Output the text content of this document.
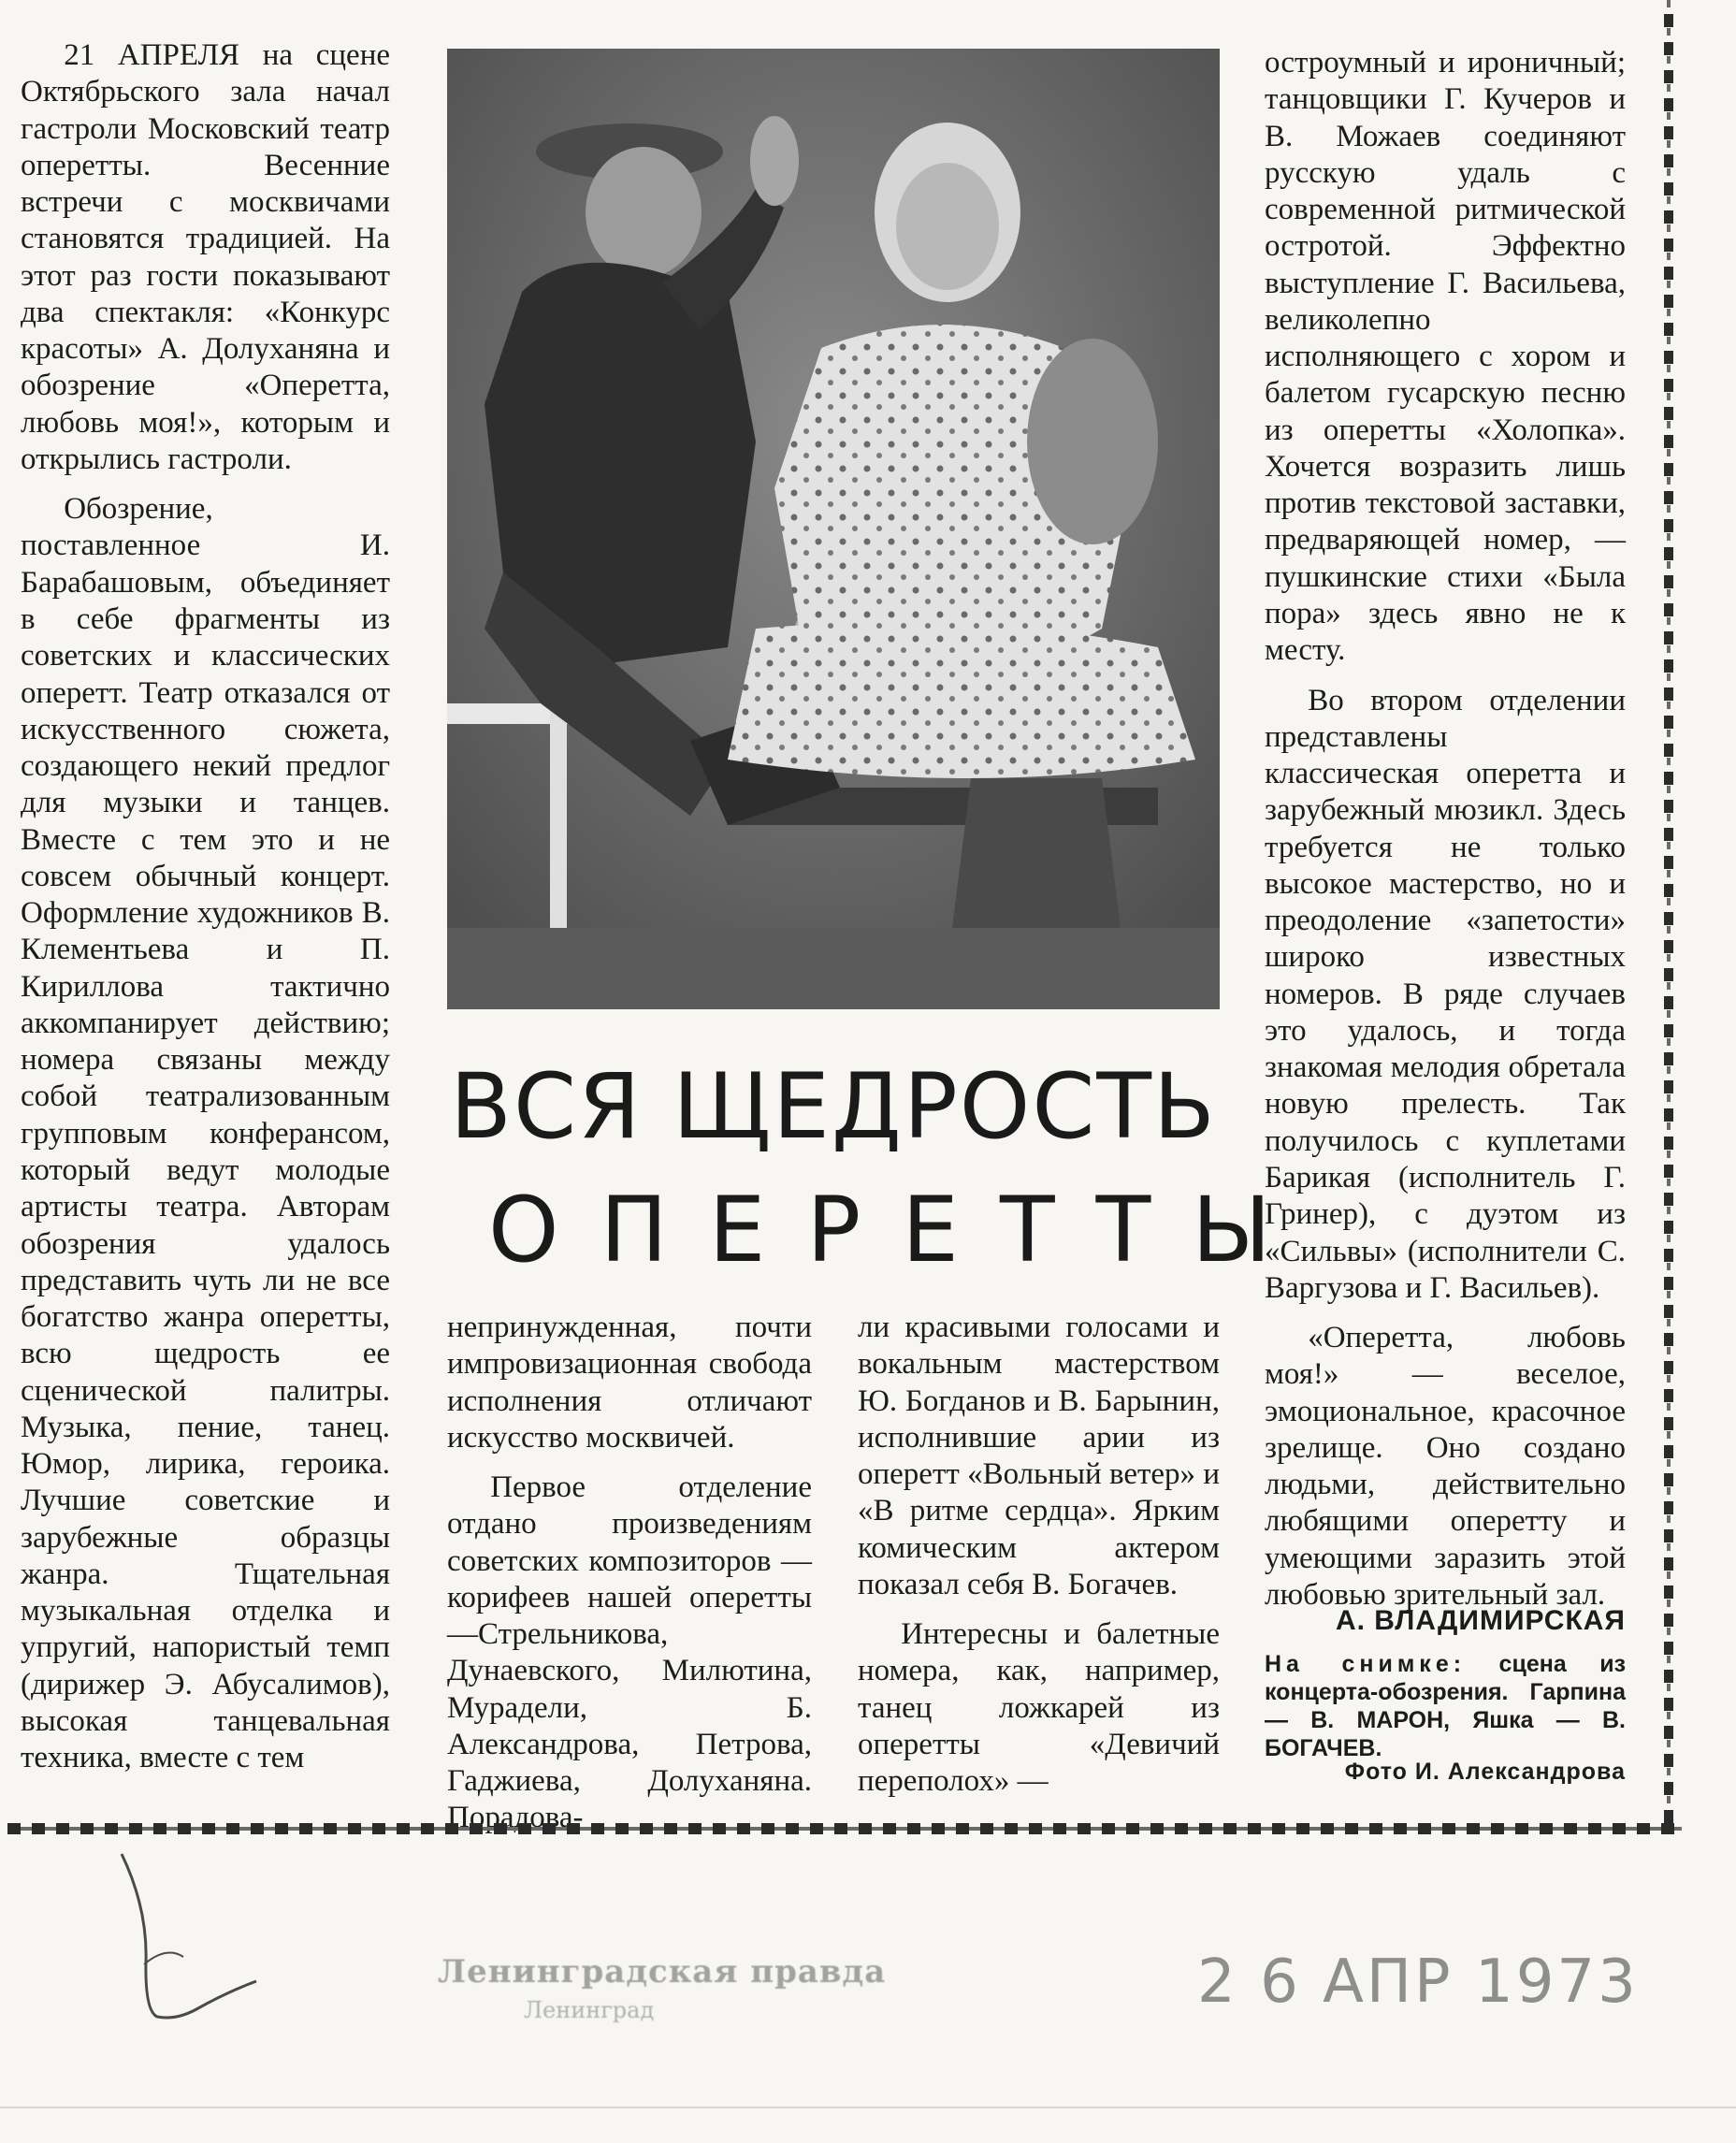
21 АПРЕЛЯ на сцене Октябрьского зала начал гастроли Московский театр оперетты. Весенние встречи с москвичами становятся традицией. На этот раз гости показывают два спектакля: «Конкурс красоты» А. Долуханяна и обозрение «Оперетта, любовь моя!», которым и открылись гастроли.

Обозрение, поставленное И. Барабашовым, объединяет в себе фрагменты из советских и классических оперетт. Театр отказался от искусственного сюжета, создающего некий предлог для музыки и танцев. Вместе с тем это и не совсем обычный концерт. Оформление художников В. Клементьева и П. Кириллова тактично аккомпанирует действию; номера связаны между собой театрализованным групповым конферансом, который ведут молодые артисты театра. Авторам обозрения удалось представить чуть ли не все богатство жанра оперетты, всю щедрость ее сценической палитры. Музыка, пение, танец. Юмор, лирика, героика. Лучшие советские и зарубежные образцы жанра. Тщательная музыкальная отделка и упругий, напористый темп (дирижер Э. Абусалимов), высокая танцевальная техника, вместе с тем

ВСЯ ЩЕДРОСТЬ
ОПЕРЕТТЫ

непринужденная, почти импровизационная свобода исполнения отличают искусство москвичей.

Первое отделение отдано произведениям советских композиторов — корифеев нашей оперетты—Стрельникова, Дунаевского, Милютина, Мурадели, Б. Александрова, Петрова, Гаджиева, Долуханяна. Порадова-

ли красивыми голосами и вокальным мастерством Ю. Богданов и В. Барынин, исполнившие арии из оперетт «Вольный ветер» и «В ритме сердца». Ярким комическим актером показал себя В. Богачев.

Интересны и балетные номера, как, например, танец ложкарей из оперетты «Девичий переполох» —

остроумный и ироничный; танцовщики Г. Кучеров и В. Можаев соединяют русскую удаль с современной ритмической остротой. Эффектно выступление Г. Васильева, великолепно исполняющего с хором и балетом гусарскую песню из оперетты «Холопка». Хочется возразить лишь против текстовой заставки, предваряющей номер, — пушкинские стихи «Была пора» здесь явно не к месту.

Во втором отделении представлены классическая оперетта и зарубежный мюзикл. Здесь требуется не только высокое мастерство, но и преодоление «запетости» широко известных номеров. В ряде случаев это удалось, и тогда знакомая мелодия обретала новую прелесть. Так получилось с куплетами Барикая (исполнитель Г. Гринер), с дуэтом из «Сильвы» (исполнители С. Варгузова и Г. Васильев).

«Оперетта, любовь моя!» — веселое, эмоциональное, красочное зрелище. Оно создано людьми, действительно любящими оперетту и умеющими заразить этой любовью зрительный зал.

А. ВЛАДИМИРСКАЯ
На снимке: сцена из концерта-обозрения. Гарпина — В. МАРОН, Яшка — В. БОГАЧЕВ.
Фото И. Александрова
Ленинградская правда
Ленинград	2 6 АПР 1973
